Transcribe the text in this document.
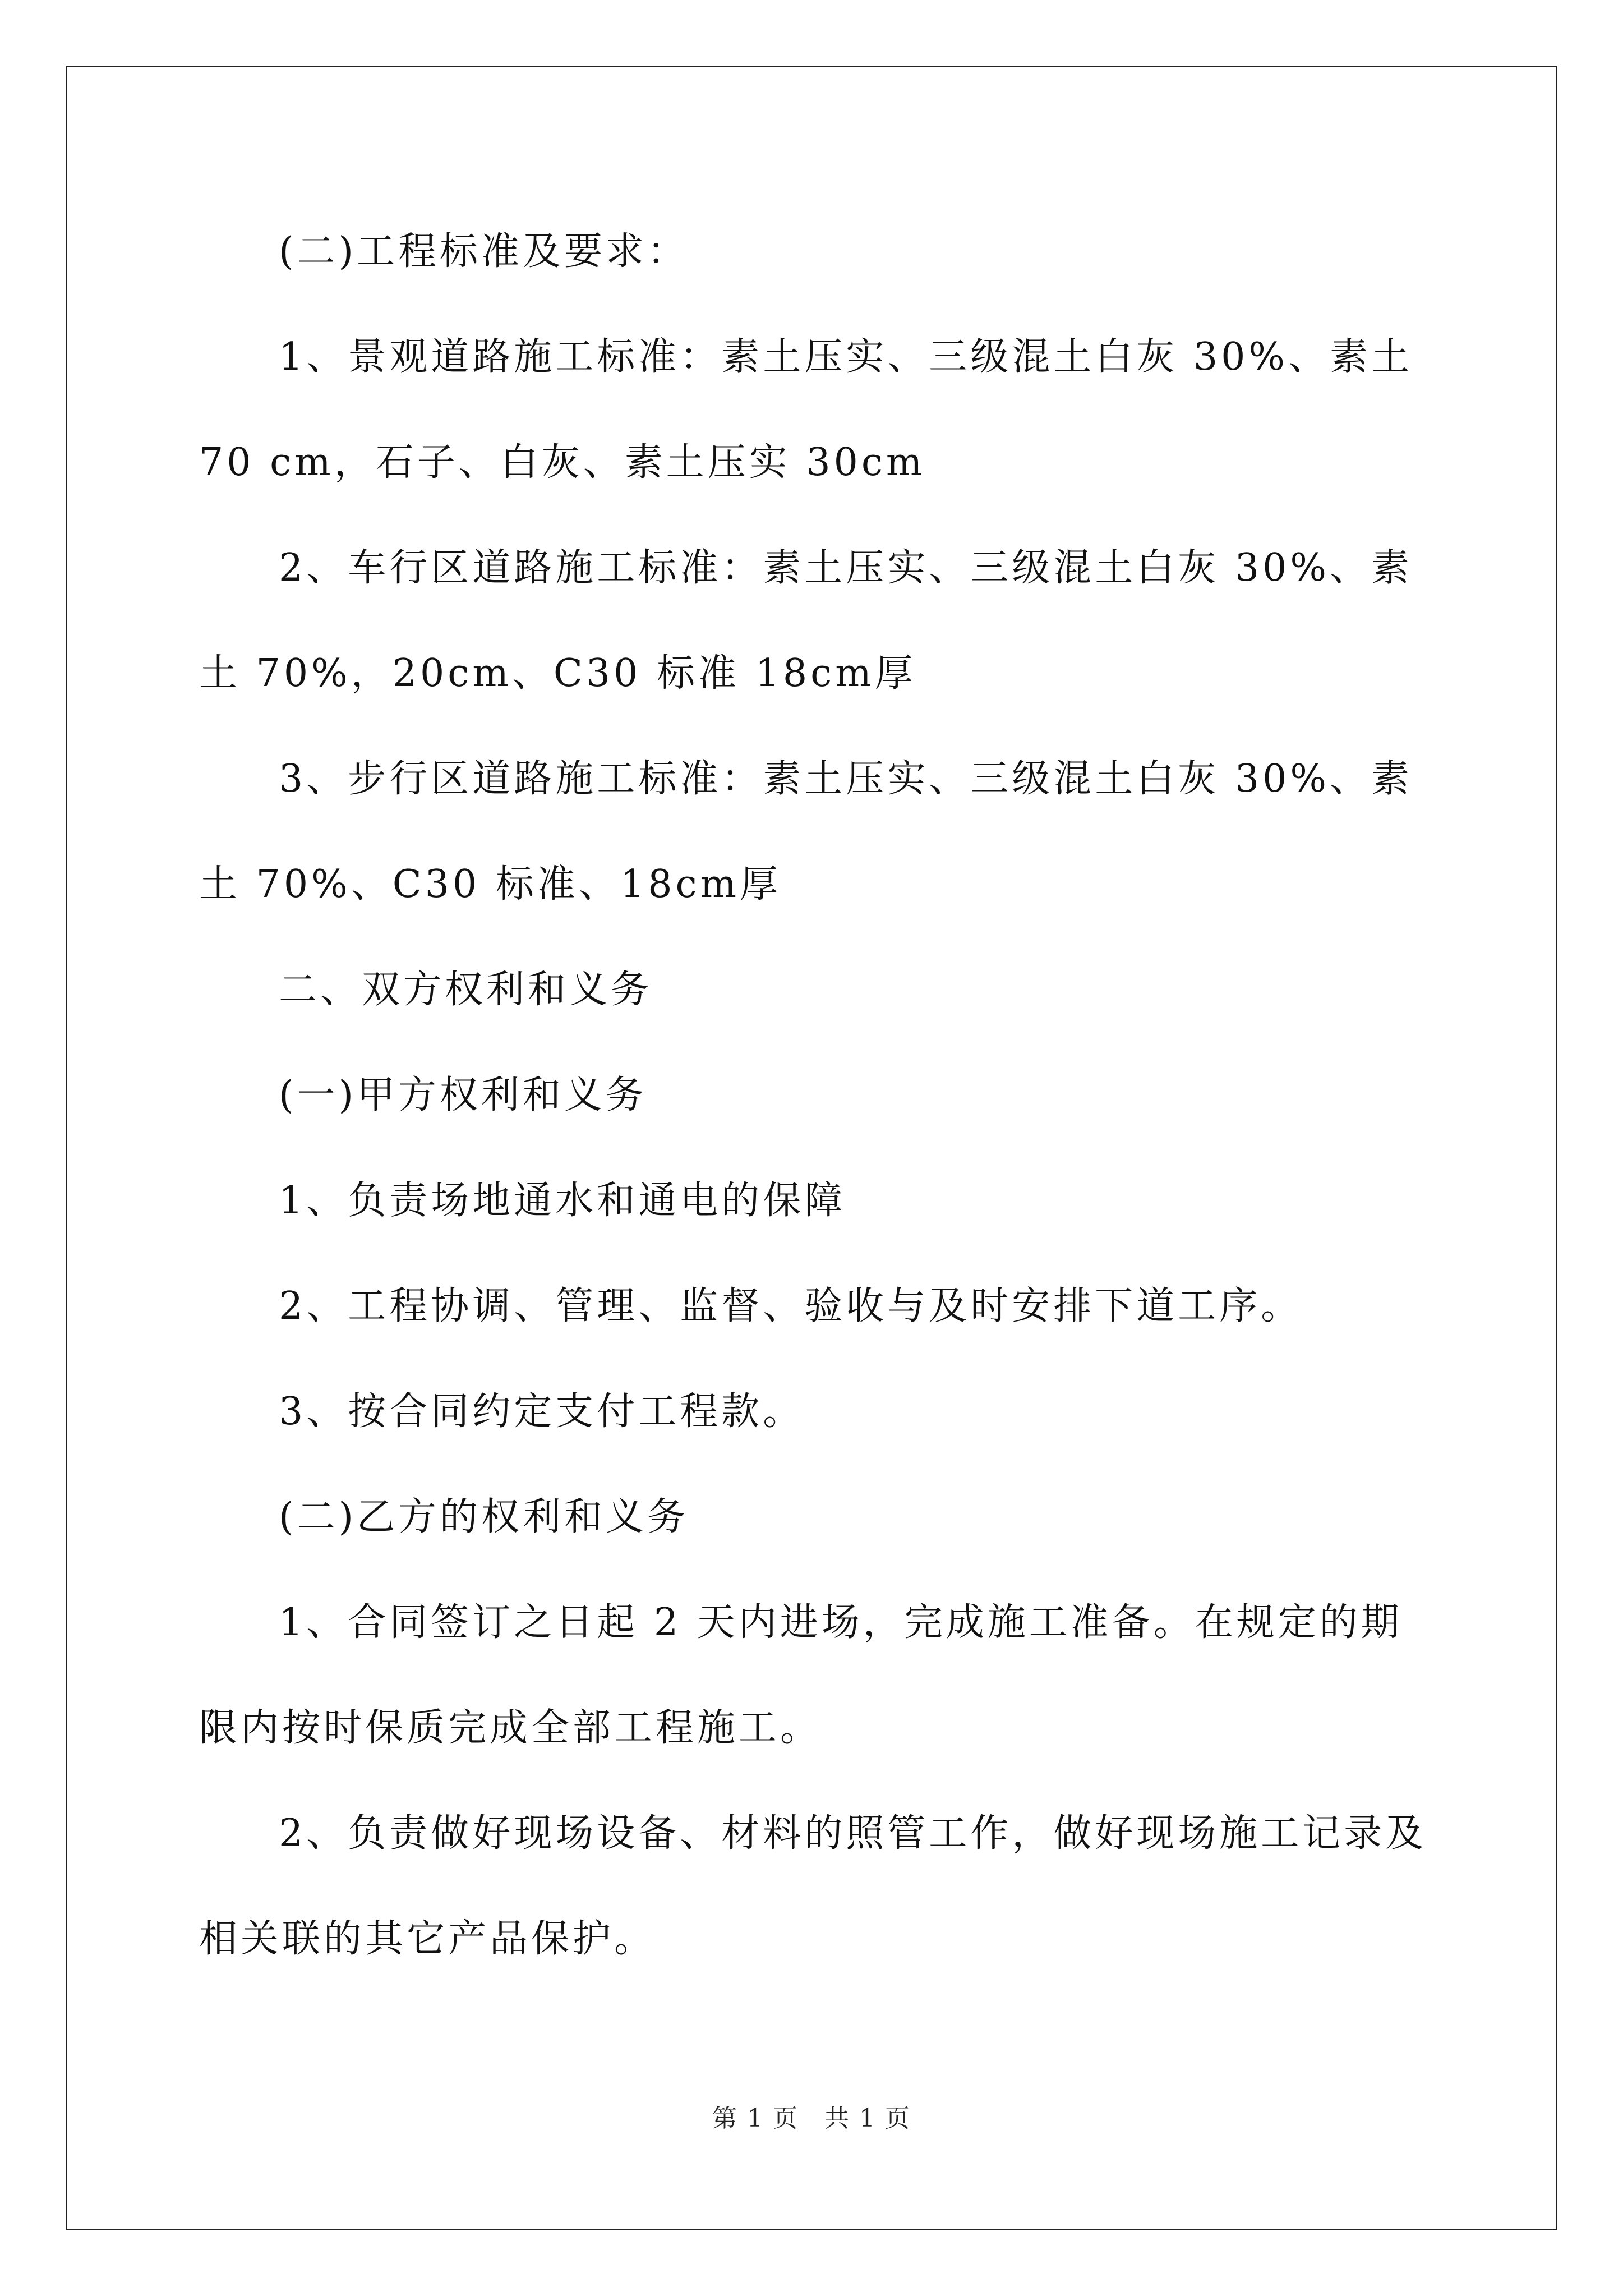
(二)工程标准及要求：

1、景观道路施工标准：素土压实、三级混土白灰 30%、素土 70 cm，石子、白灰、素土压实 30cm

2、车行区道路施工标准：素土压实、三级混土白灰 30%、素土 70%，20cm、C30 标准 18cm厚

3、步行区道路施工标准：素土压实、三级混土白灰 30%、素土 70%、C30 标准、18cm厚

二、双方权利和义务

(一)甲方权利和义务

1、负责场地通水和通电的保障

2、工程协调、管理、监督、验收与及时安排下道工序。

3、按合同约定支付工程款。

(二)乙方的权利和义务

1、合同签订之日起 2 天内进场，完成施工准备。在规定的期限内按时保质完成全部工程施工。

2、负责做好现场设备、材料的照管工作，做好现场施工记录及相关联的其它产品保护。

第 1 页　共 1 页
